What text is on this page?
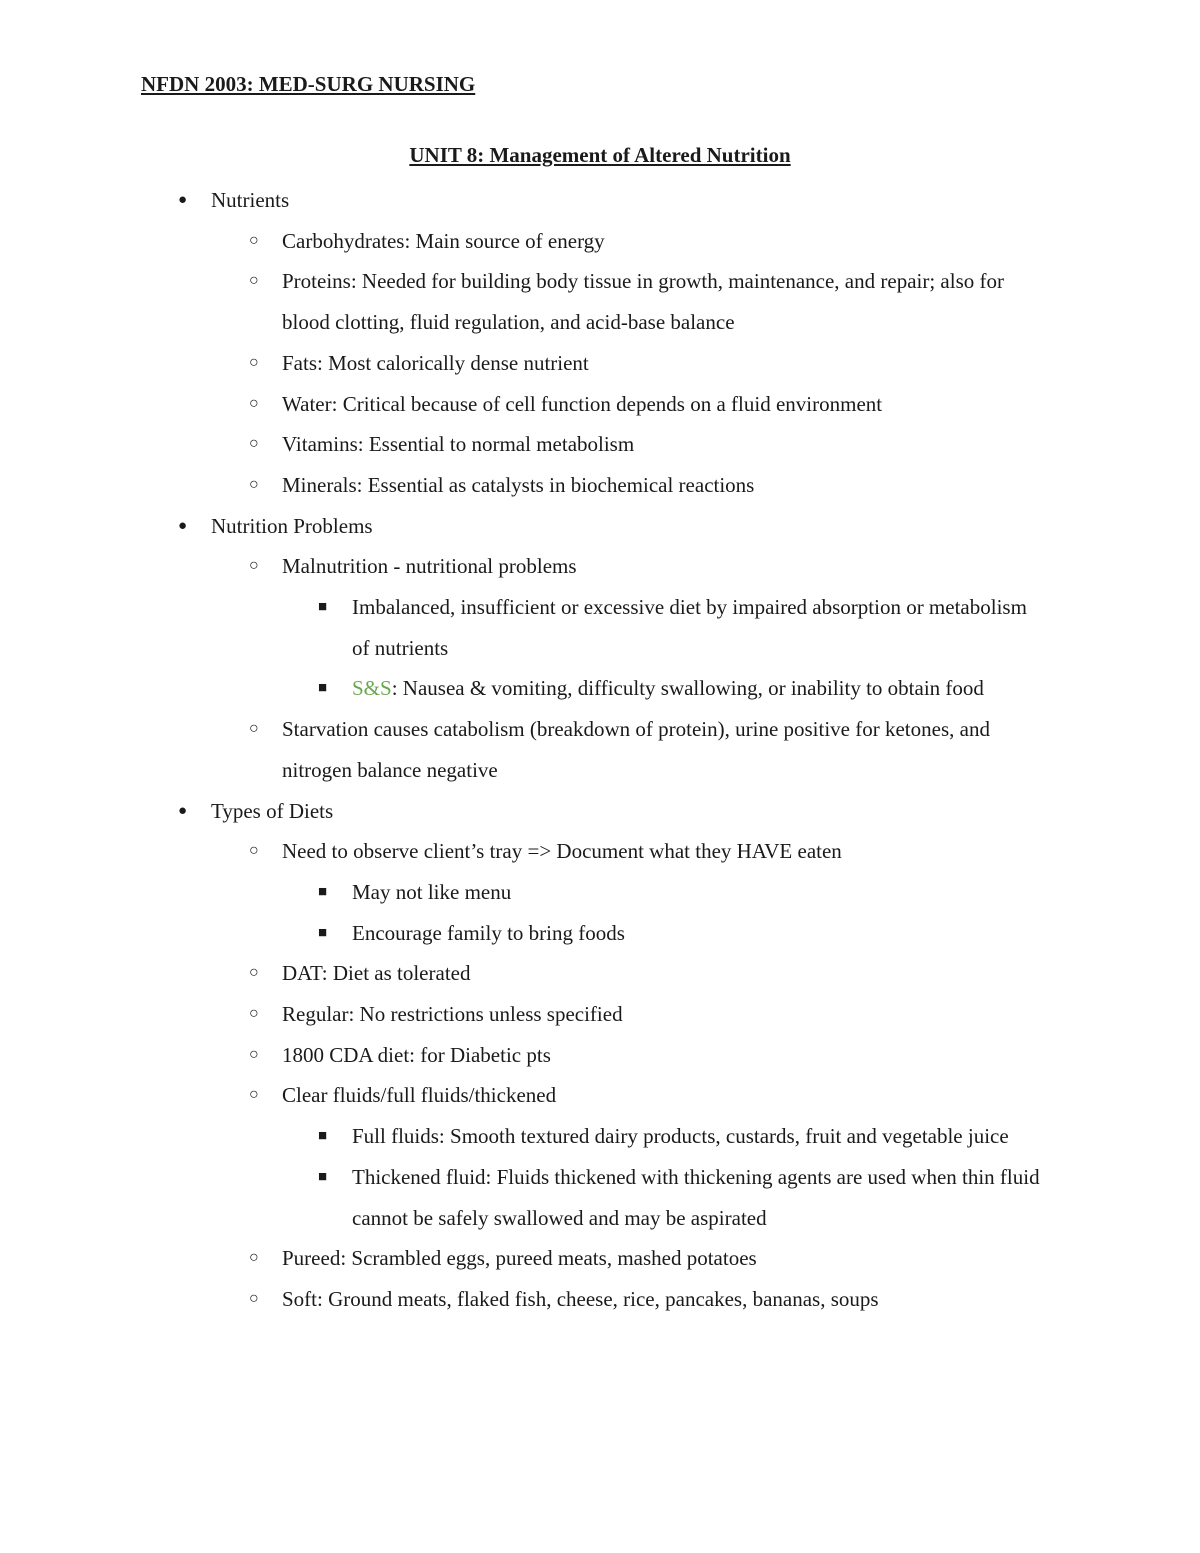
NFDN 2003: MED-SURG NURSING
UNIT 8: Management of Altered Nutrition
● Nutrients
○ Carbohydrates: Main source of energy
○ Proteins: Needed for building body tissue in growth, maintenance, and repair; also for blood clotting, fluid regulation, and acid-base balance
○ Fats: Most calorically dense nutrient
○ Water: Critical because of cell function depends on a fluid environment
○ Vitamins: Essential to normal metabolism
○ Minerals: Essential as catalysts in biochemical reactions
● Nutrition Problems
○ Malnutrition - nutritional problems
■ Imbalanced, insufficient or excessive diet by impaired absorption or metabolism of nutrients
■ S&S: Nausea & vomiting, difficulty swallowing, or inability to obtain food
○ Starvation causes catabolism (breakdown of protein), urine positive for ketones, and nitrogen balance negative
● Types of Diets
○ Need to observe client’s tray => Document what they HAVE eaten
■ May not like menu
■ Encourage family to bring foods
○ DAT: Diet as tolerated
○ Regular: No restrictions unless specified
○ 1800 CDA diet: for Diabetic pts
○ Clear fluids/full fluids/thickened
■ Full fluids: Smooth textured dairy products, custards, fruit and vegetable juice
■ Thickened fluid: Fluids thickened with thickening agents are used when thin fluid cannot be safely swallowed and may be aspirated
○ Pureed: Scrambled eggs, pureed meats, mashed potatoes
○ Soft: Ground meats, flaked fish, cheese, rice, pancakes, bananas, soups
